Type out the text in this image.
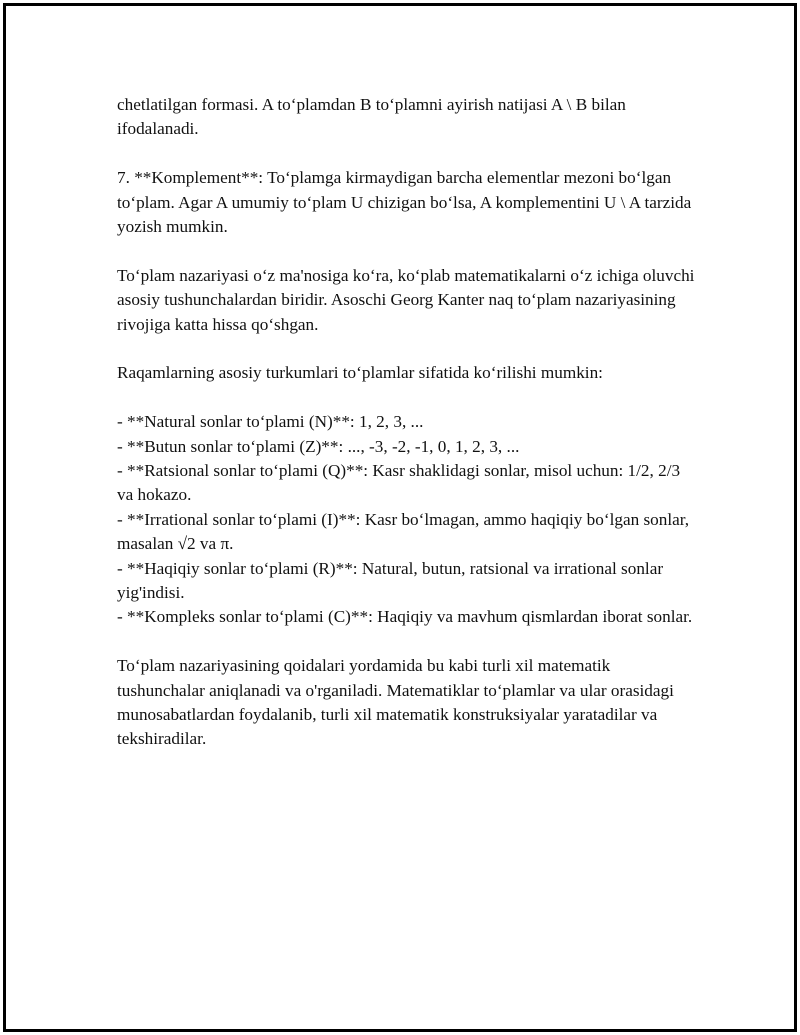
chetlatilgan formasi. A to‘plamdan B to‘plamni ayirish natijasi A \ B bilan ifodalanadi.

7. **Komplement**: To‘plamga kirmaydigan barcha elementlar mezoni bo‘lgan to‘plam. Agar A umumiy to‘plam U chizigan bo‘lsa, A komplementini U \ A tarzida yozish mumkin.

To‘plam nazariyasi o‘z ma'nosiga ko‘ra, ko‘plab matematikalarni o‘z ichiga oluvchi asosiy tushunchalardan biridir. Asoschi Georg Kanter naq to‘plam nazariyasining rivojiga katta hissa qo‘shgan.

Raqamlarning asosiy turkumlari to‘plamlar sifatida ko‘rilishi mumkin:

- **Natural sonlar to‘plami (N)**: 1, 2, 3, ...
- **Butun sonlar to‘plami (Z)**: ..., -3, -2, -1, 0, 1, 2, 3, ...
- **Ratsional sonlar to‘plami (Q)**: Kasr shaklidagi sonlar, misol uchun: 1/2, 2/3 va hokazo.
- **Irrational sonlar to‘plami (I)**: Kasr bo‘lmagan, ammo haqiqiy bo‘lgan sonlar, masalan √2 va π.
- **Haqiqiy sonlar to‘plami (R)**: Natural, butun, ratsional va irrational sonlar yig'indisi.
- **Kompleks sonlar to‘plami (C)**: Haqiqiy va mavhum qismlardan iborat sonlar.

To‘plam nazariyasining qoidalari yordamida bu kabi turli xil matematik tushunchalar aniqlanadi va o'rganiladi. Matematiklar to‘plamlar va ular orasidagi munosabatlardan foydalanib, turli xil matematik konstruksiyalar yaratadilar va tekshiradilar.
